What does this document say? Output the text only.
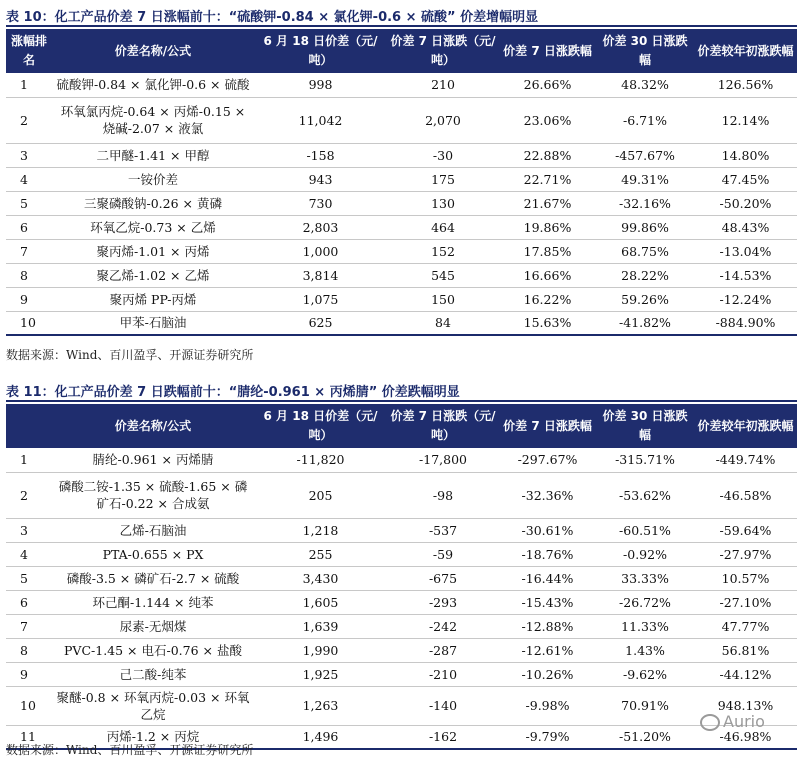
表 10：化工产品价差 7 日涨幅前十：“硫酸钾-0.84 × 氯化钾-0.6 × 硫酸” 价差增幅明显
涨幅排名	价差名称/公式	6 月 18 日价差（元/吨）	价差 7 日涨跌（元/吨）	价差 7 日涨跌幅	价差 30 日涨跌幅	价差较年初涨跌幅
1	硫酸钾-0.84 × 氯化钾-0.6 × 硫酸	998	210	26.66%	48.32%	126.56%
2	环氧氯丙烷-0.64 × 丙烯-0.15 × 烧碱-2.07 × 液氯	11,042	2,070	23.06%	-6.71%	12.14%
3	二甲醚-1.41 × 甲醇	-158	-30	22.88%	-457.67%	14.80%
4	一铵价差	943	175	22.71%	49.31%	47.45%
5	三聚磷酸钠-0.26 × 黄磷	730	130	21.67%	-32.16%	-50.20%
6	环氧乙烷-0.73 × 乙烯	2,803	464	19.86%	99.86%	48.43%
7	聚丙烯-1.01 × 丙烯	1,000	152	17.85%	68.75%	-13.04%
8	聚乙烯-1.02 × 乙烯	3,814	545	16.66%	28.22%	-14.53%
9	聚丙烯 PP-丙烯	1,075	150	16.22%	59.26%	-12.24%
10	甲苯-石脑油	625	84	15.63%	-41.82%	-884.90%
数据来源：Wind、百川盈孚、开源证券研究所
表 11：化工产品价差 7 日跌幅前十：“腈纶-0.961 × 丙烯腈” 价差跌幅明显
	价差名称/公式	6 月 18 日价差（元/吨）	价差 7 日涨跌（元/吨）	价差 7 日涨跌幅	价差 30 日涨跌幅	价差较年初涨跌幅
1	腈纶-0.961 × 丙烯腈	-11,820	-17,800	-297.67%	-315.71%	-449.74%
2	磷酸二铵-1.35 × 硫酸-1.65 × 磷矿石-0.22 × 合成氨	205	-98	-32.36%	-53.62%	-46.58%
3	乙烯-石脑油	1,218	-537	-30.61%	-60.51%	-59.64%
4	PTA-0.655 × PX	255	-59	-18.76%	-0.92%	-27.97%
5	磷酸-3.5 × 磷矿石-2.7 × 硫酸	3,430	-675	-16.44%	33.33%	10.57%
6	环己酮-1.144 × 纯苯	1,605	-293	-15.43%	-26.72%	-27.10%
7	尿素-无烟煤	1,639	-242	-12.88%	11.33%	47.77%
8	PVC-1.45 × 电石-0.76 × 盐酸	1,990	-287	-12.61%	1.43%	56.81%
9	己二酸-纯苯	1,925	-210	-10.26%	-9.62%	-44.12%
10	聚醚-0.8 × 环氧丙烷-0.03 × 环氧乙烷	1,263	-140	-9.98%	70.91%	948.13%
11	丙烯-1.2 × 丙烷	1,496	-162	-9.79%	-51.20%	-46.98%
数据来源：Wind、百川盈孚、开源证券研究所
Aurio
